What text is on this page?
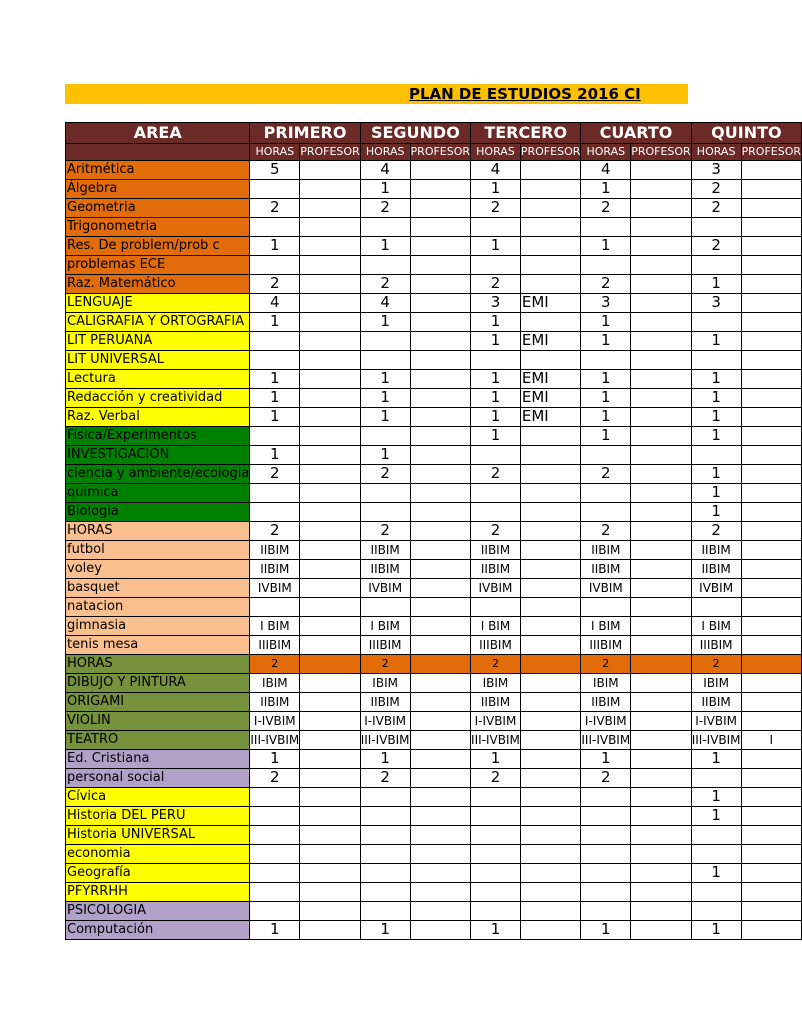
PLAN DE ESTUDIOS 2016 CI
AREA	PRIMERO		SEGUNDO		TERCERO		CUARTO		QUINTO	
	HORAS	PROFESOR	HORAS	PROFESOR	HORAS	PROFESOR	HORAS	PROFESOR	HORAS	PROFESOR
Aritmética	5		4		4		4		3	
Álgebra			1		1		1		2	
Geometria	2		2		2		2		2	
Trigonometria										
Res. De problem/prob c	1		1		1		1		2	
problemas ECE										
Raz. Matemático	2		2		2		2		1	
LENGUAJE	4		4		3	EMI	3		3	
CALIGRAFIA Y ORTOGRAFIA	1		1		1		1			
LIT PERUANA					1	EMI	1		1	
LIT UNIVERSAL										
Lectura	1		1		1	EMI	1		1	
Redacción y creatividad	1		1		1	EMI	1		1	
Raz. Verbal	1		1		1	EMI	1		1	
Fisica/Experimentos					1		1		1	
INVESTIGACION	1		1							
ciencia y ambiente/ecologia	2		2		2		2		1	
quimica									1	
Biologia									1	
HORAS	2		2		2		2		2	
futbol	IIBIM		IIBIM		IIBIM		IIBIM		IIBIM	
voley	IIBIM		IIBIM		IIBIM		IIBIM		IIBIM	
basquet	IVBIM		IVBIM		IVBIM		IVBIM		IVBIM	
natacion										
gimnasia	I BIM		I BIM		I BIM		I BIM		I BIM	
tenis mesa	IIIBIM		IIIBIM		IIIBIM		IIIBIM		IIIBIM	
HORAS	2		2		2		2		2	
DIBUJO Y PINTURA	IBIM		IBIM		IBIM		IBIM		IBIM	
ORIGAMI	IIBIM		IIBIM		IIBIM		IIBIM		IIBIM	
VIOLIN	I-IVBIM		I-IVBIM		I-IVBIM		I-IVBIM		I-IVBIM	
TEATRO	III-IVBIM		III-IVBIM		III-IVBIM		III-IVBIM		III-IVBIM	I
Ed. Cristiana	1		1		1		1		1	
personal social	2		2		2		2			
Cívica									1	
Historia DEL PERU									1	
Historia UNIVERSAL										
economia										
Geografía									1	
PFYRRHH										
PSICOLOGIA										
Computación	1		1		1		1		1	
